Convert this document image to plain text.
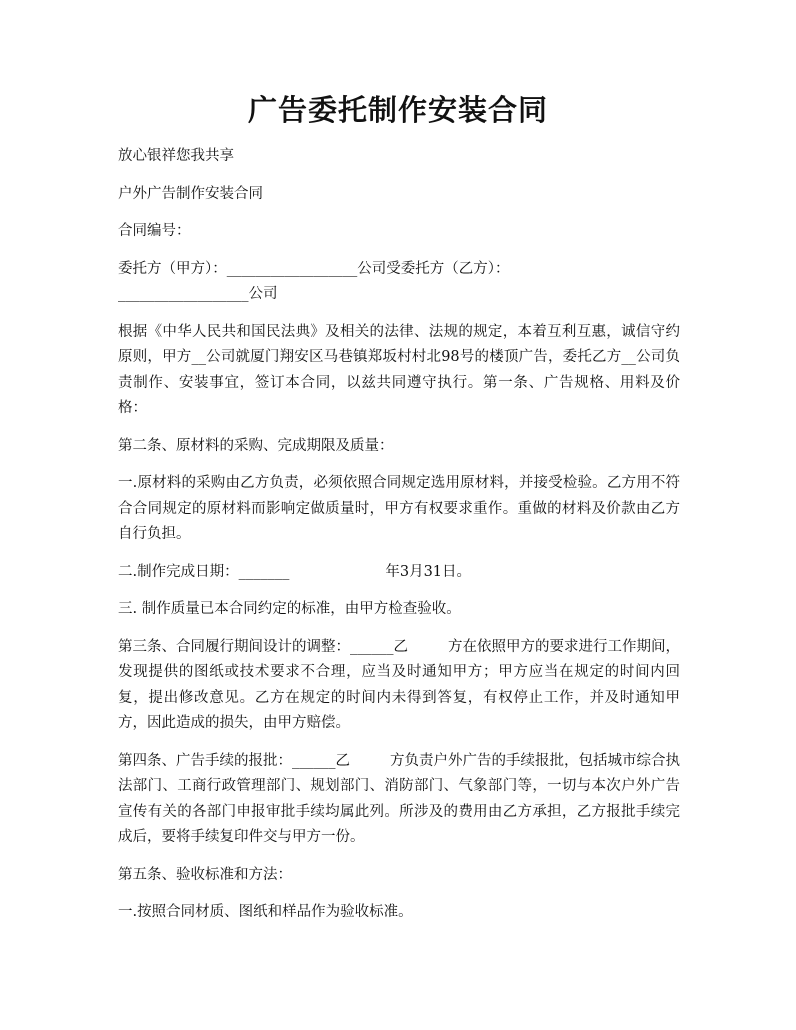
广告委托制作安装合同

放心银祥您我共享

户外广告制作安装合同

合同编号：

委托方（甲方）：__________________公司受委托方（乙方）：
__________________公司

根据《中华人民共和国民法典》及相关的法律、法规的规定，本着互利互惠，诚信守约原则，甲方__公司就厦门翔安区马巷镇郑坂村村北98号的楼顶广告，委托乙方__公司负责制作、安装事宜，签订本合同，以兹共同遵守执行。第一条、广告规格、用料及价格：

第二条、原材料的采购、完成期限及质量：

一.原材料的采购由乙方负责，必须依照合同规定选用原材料，并接受检验。乙方用不符合合同规定的原材料而影响定做质量时，甲方有权要求重作。重做的材料及价款由乙方自行负担。

二.制作完成日期：_______	年3月31日。

三. 制作质量已本合同约定的标准，由甲方检查验收。

第三条、合同履行期间设计的调整：______乙	方在依照甲方的要求进行工作期间，发现提供的图纸或技术要求不合理，应当及时通知甲方；甲方应当在规定的时间内回复，提出修改意见。乙方在规定的时间内未得到答复，有权停止工作，并及时通知甲方，因此造成的损失，由甲方赔偿。

第四条、广告手续的报批：______乙	方负责户外广告的手续报批，包括城市综合执法部门、工商行政管理部门、规划部门、消防部门、气象部门等，一切与本次户外广告宣传有关的各部门申报审批手续均属此列。所涉及的费用由乙方承担，乙方报批手续完成后，要将手续复印件交与甲方一份。

第五条、验收标准和方法：

一.按照合同材质、图纸和样品作为验收标准。
